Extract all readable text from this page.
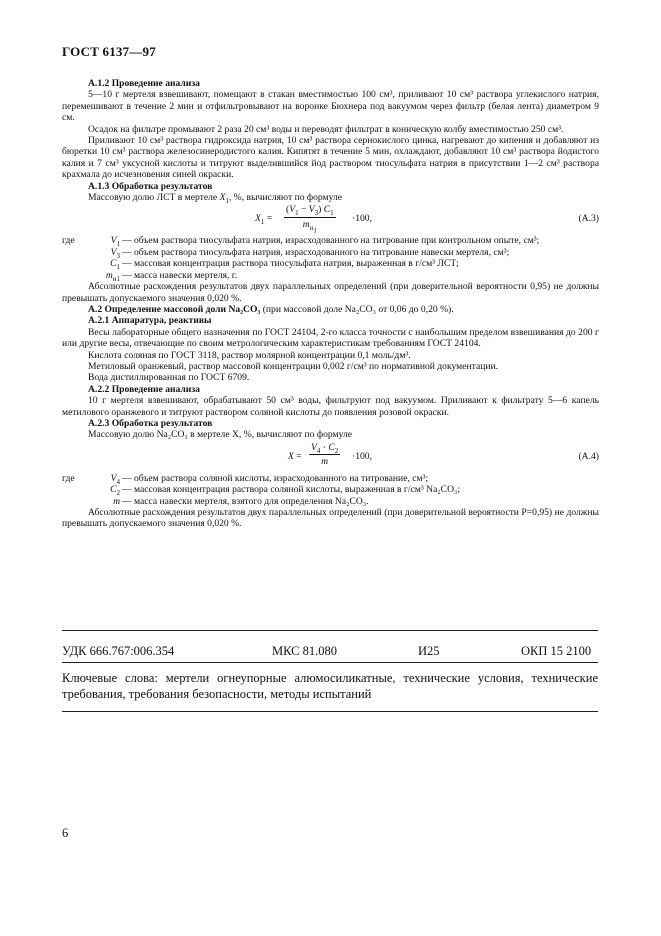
ГОСТ 6137—97

А.1.2 Проведение анализа

5—10 г мертеля взвешивают, помещают в стакан вместимостью 100 см³, приливают 10 см³ раствора углекислого натрия, перемешивают в течение 2 мин и отфильтровывают на воронке Бюхнера под вакуумом через фильтр (белая лента) диаметром 9 см.

Осадок на фильтре промывают 2 раза 20 см³ воды и переводят фильтрат в коническую колбу вместимостью 250 см³.

Приливают 10 см³ раствора гидроксида натрия, 10 см³ раствора сернокислого цинка, нагревают до кипения и добавляют из бюретки 10 см³ раствора железосинеродистого калия. Кипятят в течение 5 мин, охлаждают, добавляют 10 см³ раствора йодистого калия и 7 см³ уксусной кислоты и титруют выделившийся йод раствором тиосульфата натрия в присутствии 1—2 см³ раствора крахмала до исчезновения синей окраски.

А.1.3 Обработка результатов

Массовую долю ЛСТ в мертеле $X_1$, %, вычисляют по формуле

$X_1$ =
$(V_1 - V_3)$ $C_1$
$m_{н_1}$
·100,	(А.3)
где	$V_1$ — объем раствора тиосульфата натрия, израсходованного на титрование при контрольном опыте, см³;
$V_3$ — объем раствора тиосульфата натрия, израсходованного на титрование навески мертеля, см³;
$C_1$ — массовая концентрация раствора тиосульфата натрия, выраженная в г/см³ ЛСТ;
$m_{н1}$ — масса навески мертеля, г.

Абсолютные расхождения результатов двух параллельных определений (при доверительной вероятности 0,95) не должны превышать допускаемого значения 0,020 %.

А.2 Определение массовой доли Na₂CO₃ (при массовой доле Na₂CO₃ от 0,06 до 0,20 %).

А.2.1 Аппаратура, реактивы

Весы лабораторные общего назначения по ГОСТ 24104, 2-го класса точности с наибольшим пределом взвешивания до 200 г или другие весы, отвечающие по своим метрологическим характеристикам требованиям ГОСТ 24104.

Кислота соляная по ГОСТ 3118, раствор молярной концентрации 0,1 моль/дм³.

Метиловый оранжевый, раствор массовой концентрации 0,002 г/см³ по нормативной документации.

Вода дистиллированная по ГОСТ 6709.

А.2.2 Проведение анализа

10 г мертеля взвешивают, обрабатывают 50 см³ воды, фильтруют под вакуумом. Приливают к фильтрату 5—6 капель метилового оранжевого и титруют раствором соляной кислоты до появления розовой окраски.

А.2.3 Обработка результатов

Массовую долю Na₂CO₃ в мертеле X, %, вычисляют по формуле

$X = \frac{V_4 \cdot C_2}{m} \cdot 100$,	(А.4)
где	$V_4$ — объем раствора соляной кислоты, израсходованного на титрование, см³;
$C_2$ — массовая концентрация раствора соляной кислоты, выраженная в г/см³ Na₂CO₃;
m — масса навески мертеля, взятого для определения Na₂CO₃.

Абсолютные расхождения результатов двух параллельных определений (при доверительной вероятности P=0,95) не должны превышать допускаемого значения 0,020 %.

УДК 666.767:006.354	МКС 81.080	И25	ОКП 15 2100
Ключевые слова: мертели огнеупорные алюмосиликатные, технические условия, технические требования, требования безопасности, методы испытаний
6
